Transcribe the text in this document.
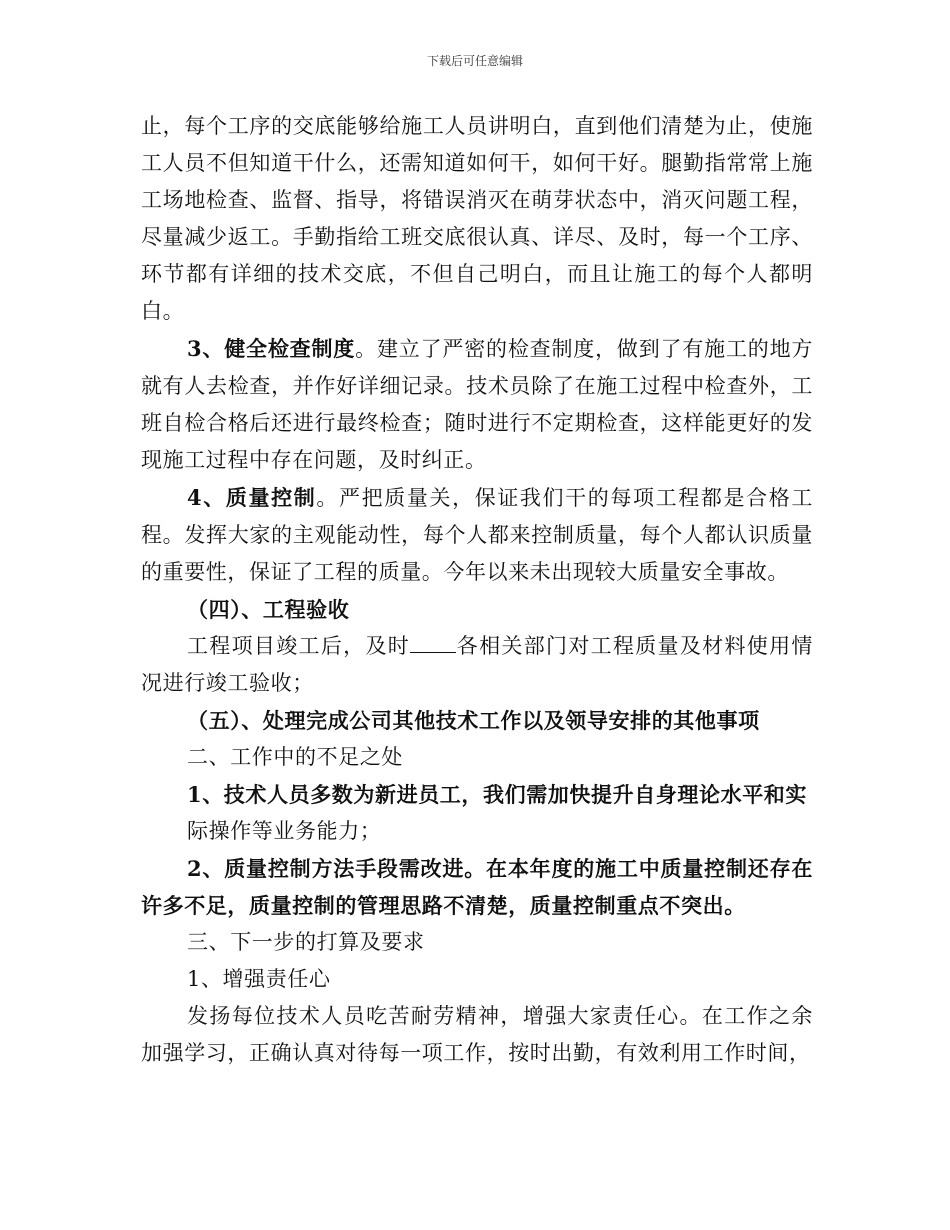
下载后可任意编辑

止，每个工序的交底能够给施工人员讲明白，直到他们清楚为止，使施工人员不但知道干什么，还需知道如何干，如何干好。腿勤指常常上施工场地检查、监督、指导，将错误消灭在萌芽状态中，消灭问题工程，尽量减少返工。手勤指给工班交底很认真、详尽、及时，每一个工序、环节都有详细的技术交底，不但自己明白，而且让施工的每个人都明白。

3、健全检查制度。建立了严密的检查制度，做到了有施工的地方就有人去检查，并作好详细记录。技术员除了在施工过程中检查外，工班自检合格后还进行最终检查；随时进行不定期检查，这样能更好的发现施工过程中存在问题，及时纠正。

4、质量控制。严把质量关，保证我们干的每项工程都是合格工程。发挥大家的主观能动性，每个人都来控制质量，每个人都认识质量的重要性，保证了工程的质量。今年以来未出现较大质量安全事故。

（四）、工程验收

工程项目竣工后，及时 各相关部门对工程质量及材料使用情况进行竣工验收；

（五）、处理完成公司其他技术工作以及领导安排的其他事项

二、工作中的不足之处

1、技术人员多数为新进员工，我们需加快提升自身理论水平和实

际操作等业务能力；

2、质量控制方法手段需改进。在本年度的施工中质量控制还存在许多不足，质量控制的管理思路不清楚，质量控制重点不突出。

三、下一步的打算及要求

1、增强责任心

发扬每位技术人员吃苦耐劳精神，增强大家责任心。在工作之余加强学习，正确认真对待每一项工作，按时出勤，有效利用工作时间，
